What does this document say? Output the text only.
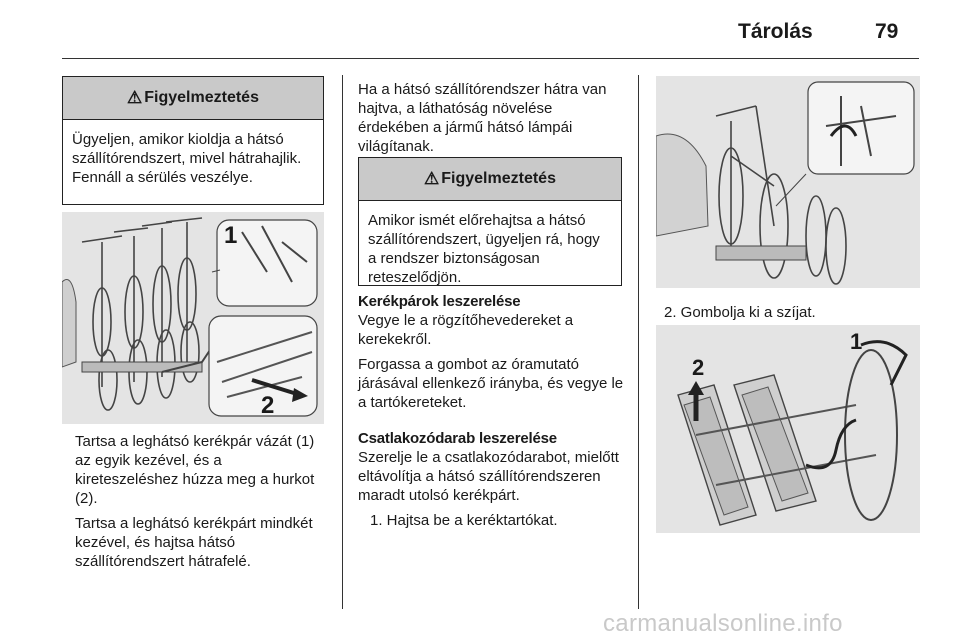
Tárolás	79
⚠ Figyelmeztetés
Ügyeljen, amikor kioldja a hátsó szállítórendszert, mivel hátrahajlik. Fennáll a sérülés veszélye.
1
2

Tartsa a leghátsó kerékpár vázát (1) az egyik kezével, és a kireteszeléshez húzza meg a hurkot (2).

Tartsa a leghátsó kerékpárt mindkét kezével, és hajtsa hátsó szállítórendszert hátrafelé.

Ha a hátsó szállítórendszer hátra van hajtva, a láthatóság növelése érdekében a jármű hátsó lámpái világítanak.

⚠ Figyelmeztetés
Amikor ismét előrehajtsa a hátsó szállítórendszert, ügyeljen rá, hogy a rendszer biztonságosan reteszelődjön.

Kerékpárok leszerelése

Vegye le a rögzítőhevedereket a kerekekről.

Forgassa a gombot az óramutató járásával ellenkező irányba, és vegye le a tartókereteket.

Csatlakozódarab leszerelése

Szerelje le a csatlakozódarabot, mielőtt eltávolítja a hátsó szállítórendszeren maradt utolsó kerékpárt.

1. Hajtsa be a keréktartókat.

2. Gombolja ki a szíjat.

2
1
carmanualsonline.info
